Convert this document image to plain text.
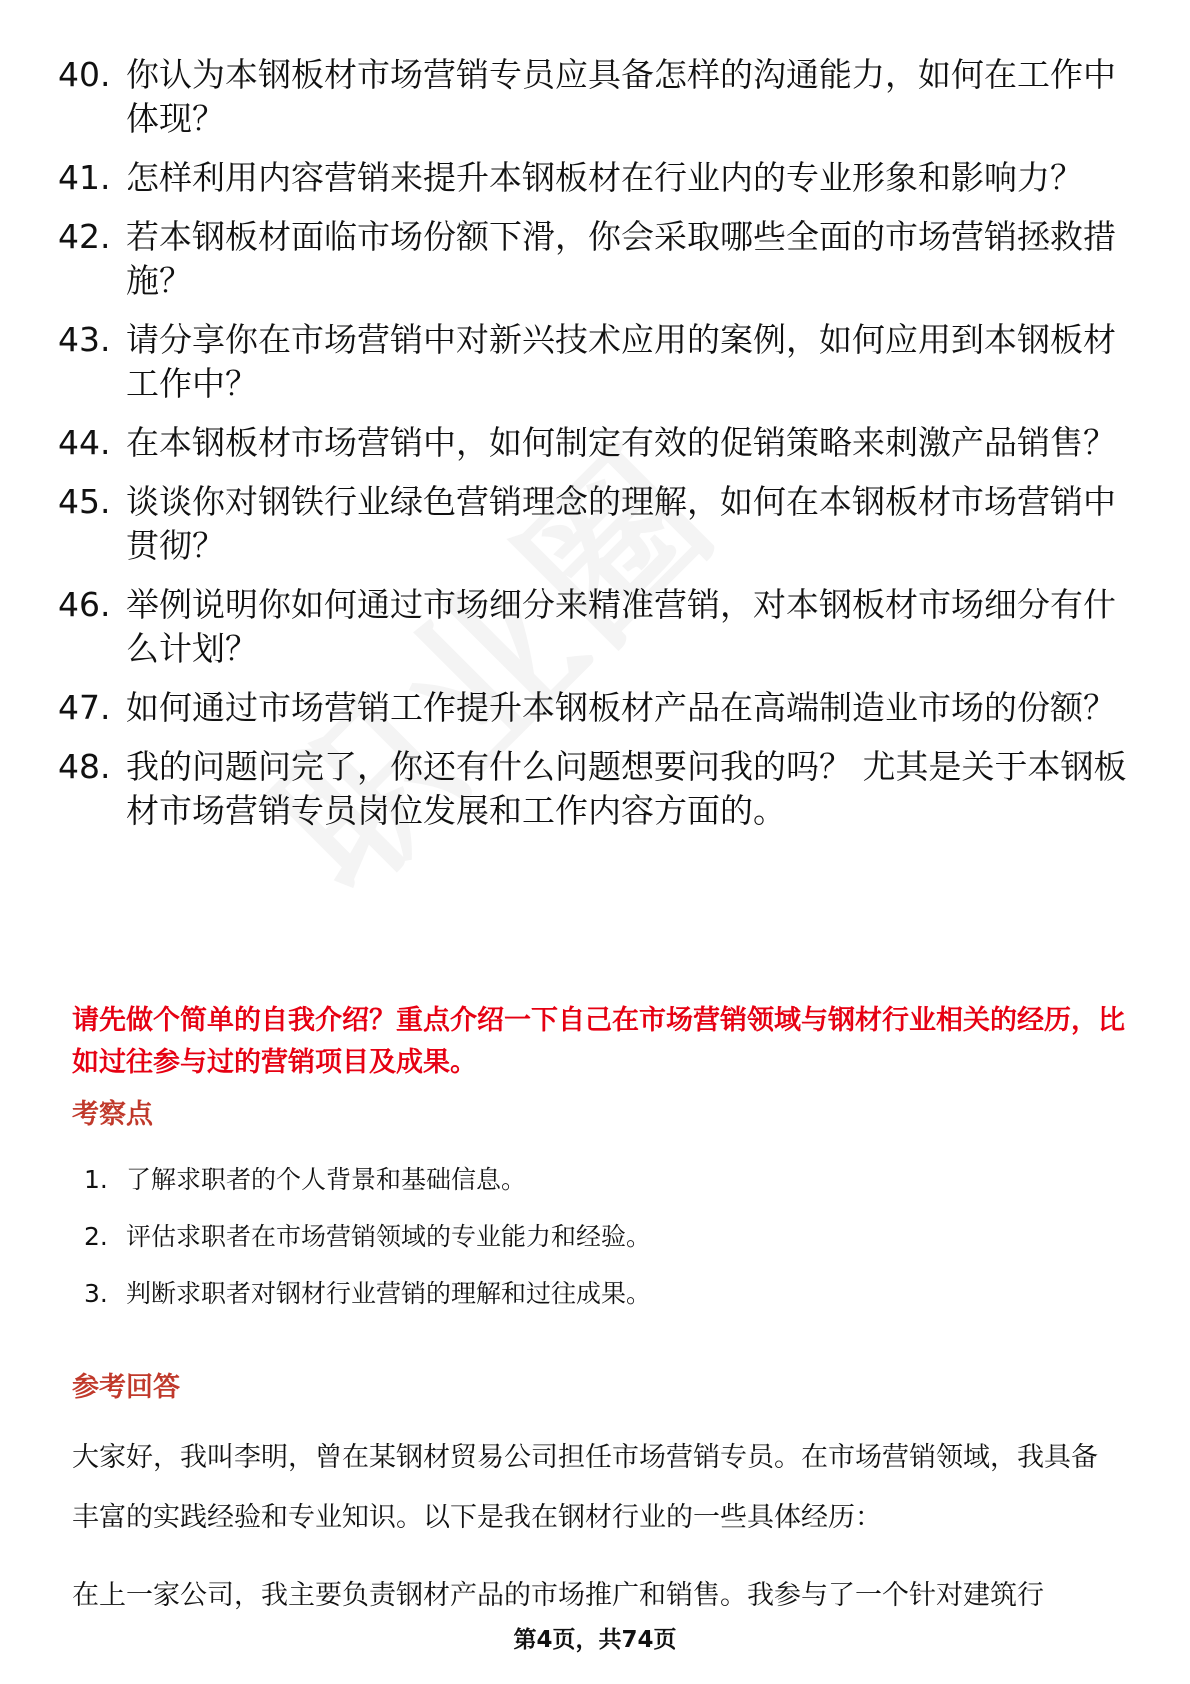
40. 你认为本钢板材市场营销专员应具备怎样的沟通能力，如何在工作中体现？
41. 怎样利用内容营销来提升本钢板材在行业内的专业形象和影响力？
42. 若本钢板材面临市场份额下滑，你会采取哪些全面的市场营销拯救措施？
43. 请分享你在市场营销中对新兴技术应用的案例，如何应用到本钢板材工作中？
44. 在本钢板材市场营销中，如何制定有效的促销策略来刺激产品销售？
45. 谈谈你对钢铁行业绿色营销理念的理解，如何在本钢板材市场营销中贯彻？
46. 举例说明你如何通过市场细分来精准营销，对本钢板材市场细分有什么计划？
47. 如何通过市场营销工作提升本钢板材产品在高端制造业市场的份额？
48. 我的问题问完了，你还有什么问题想要问我的吗？ 尤其是关于本钢板材市场营销专员岗位发展和工作内容方面的。
请先做个简单的自我介绍？重点介绍一下自己在市场营销领域与钢材行业相关的经历，比如过往参与过的营销项目及成果。
考察点
1. 了解求职者的个人背景和基础信息。
2. 评估求职者在市场营销领域的专业能力和经验。
3. 判断求职者对钢材行业营销的理解和过往成果。
参考回答
大家好，我叫李明，曾在某钢材贸易公司担任市场营销专员。在市场营销领域，我具备丰富的实践经验和专业知识。以下是我在钢材行业的一些具体经历：
在上一家公司，我主要负责钢材产品的市场推广和销售。我参与了一个针对建筑行
第4页，共74页
